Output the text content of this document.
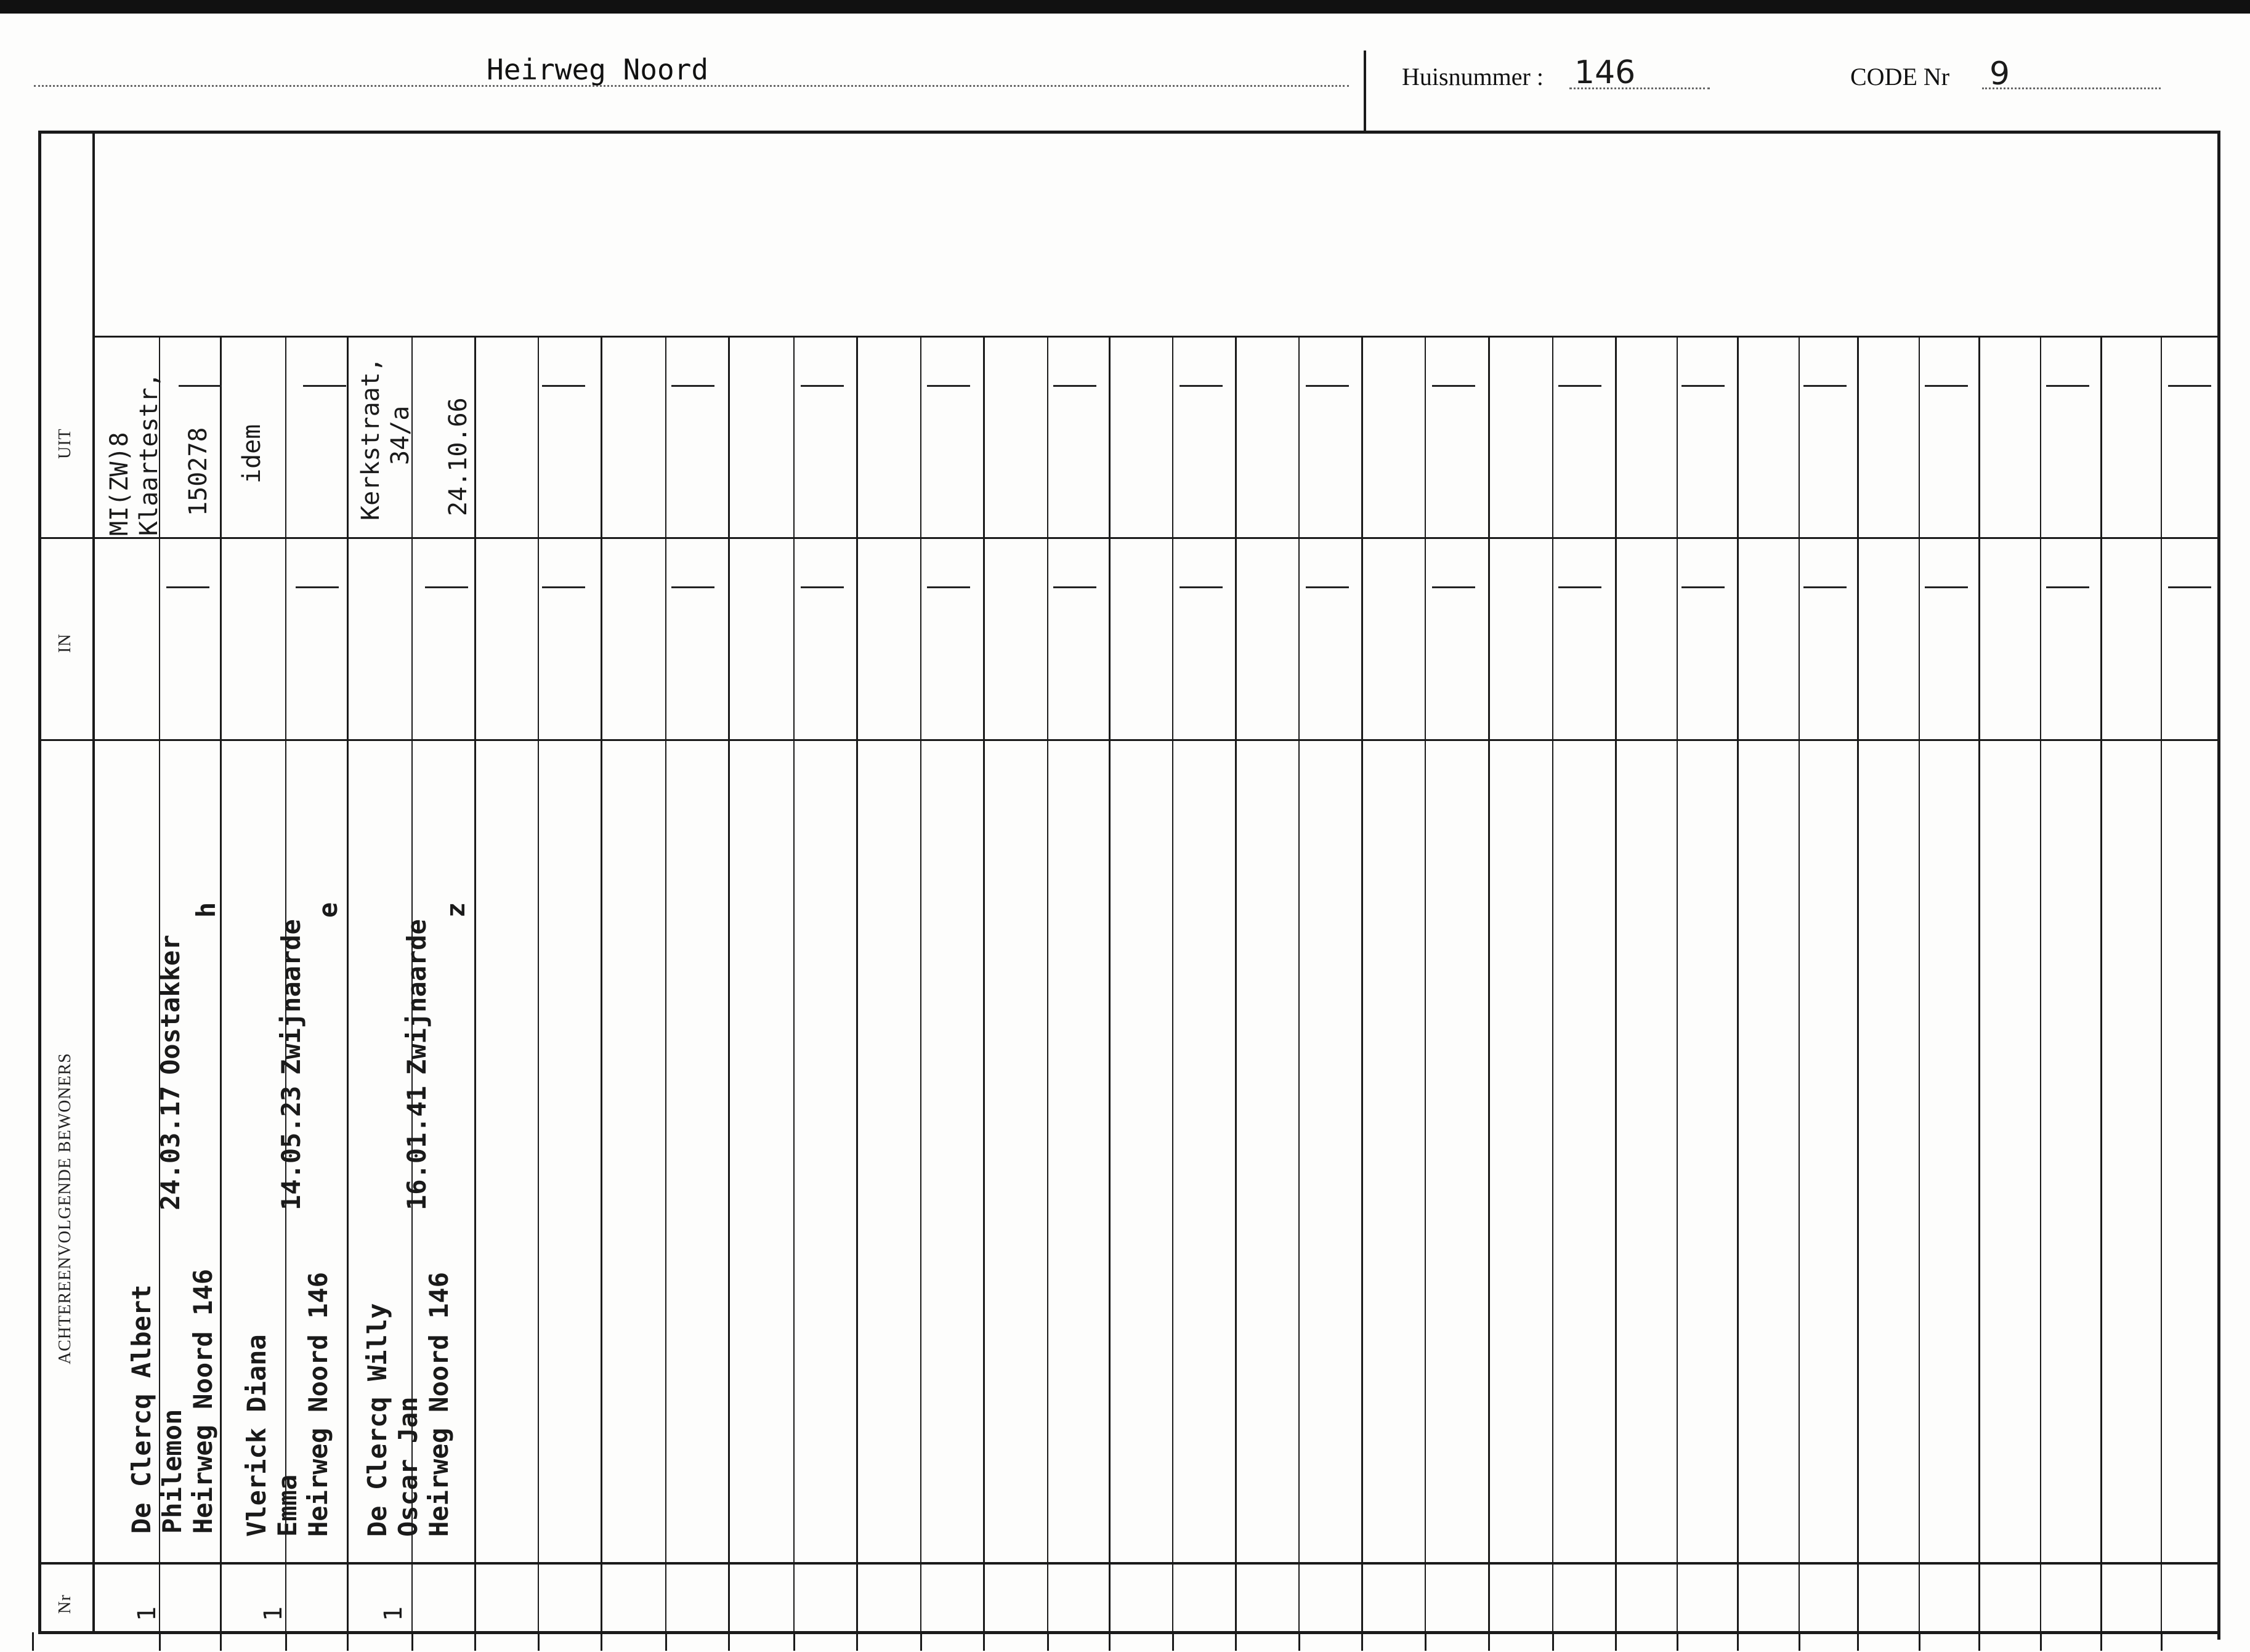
Heirweg Noord	Huisnummer : 146	CODE Nr 9
UIT
IN
ACHTEREENVOLGENDE BEWONERS
Nr
De Clercq Albert Philemon Heirweg Noord 146
24.03.17
Oostakker
h
1
MI(ZW)8 Klaartestr, 150278
Vlerick Diana Emma Heirweg Noord 146
14.05.23
Zwijnaarde
e
1
idem
De Clercq Willy Oscar Jan Heirweg Noord 146
16.01.41
Zwijnaarde
z
1
Kerkstraat, 34/a 24.10.66
